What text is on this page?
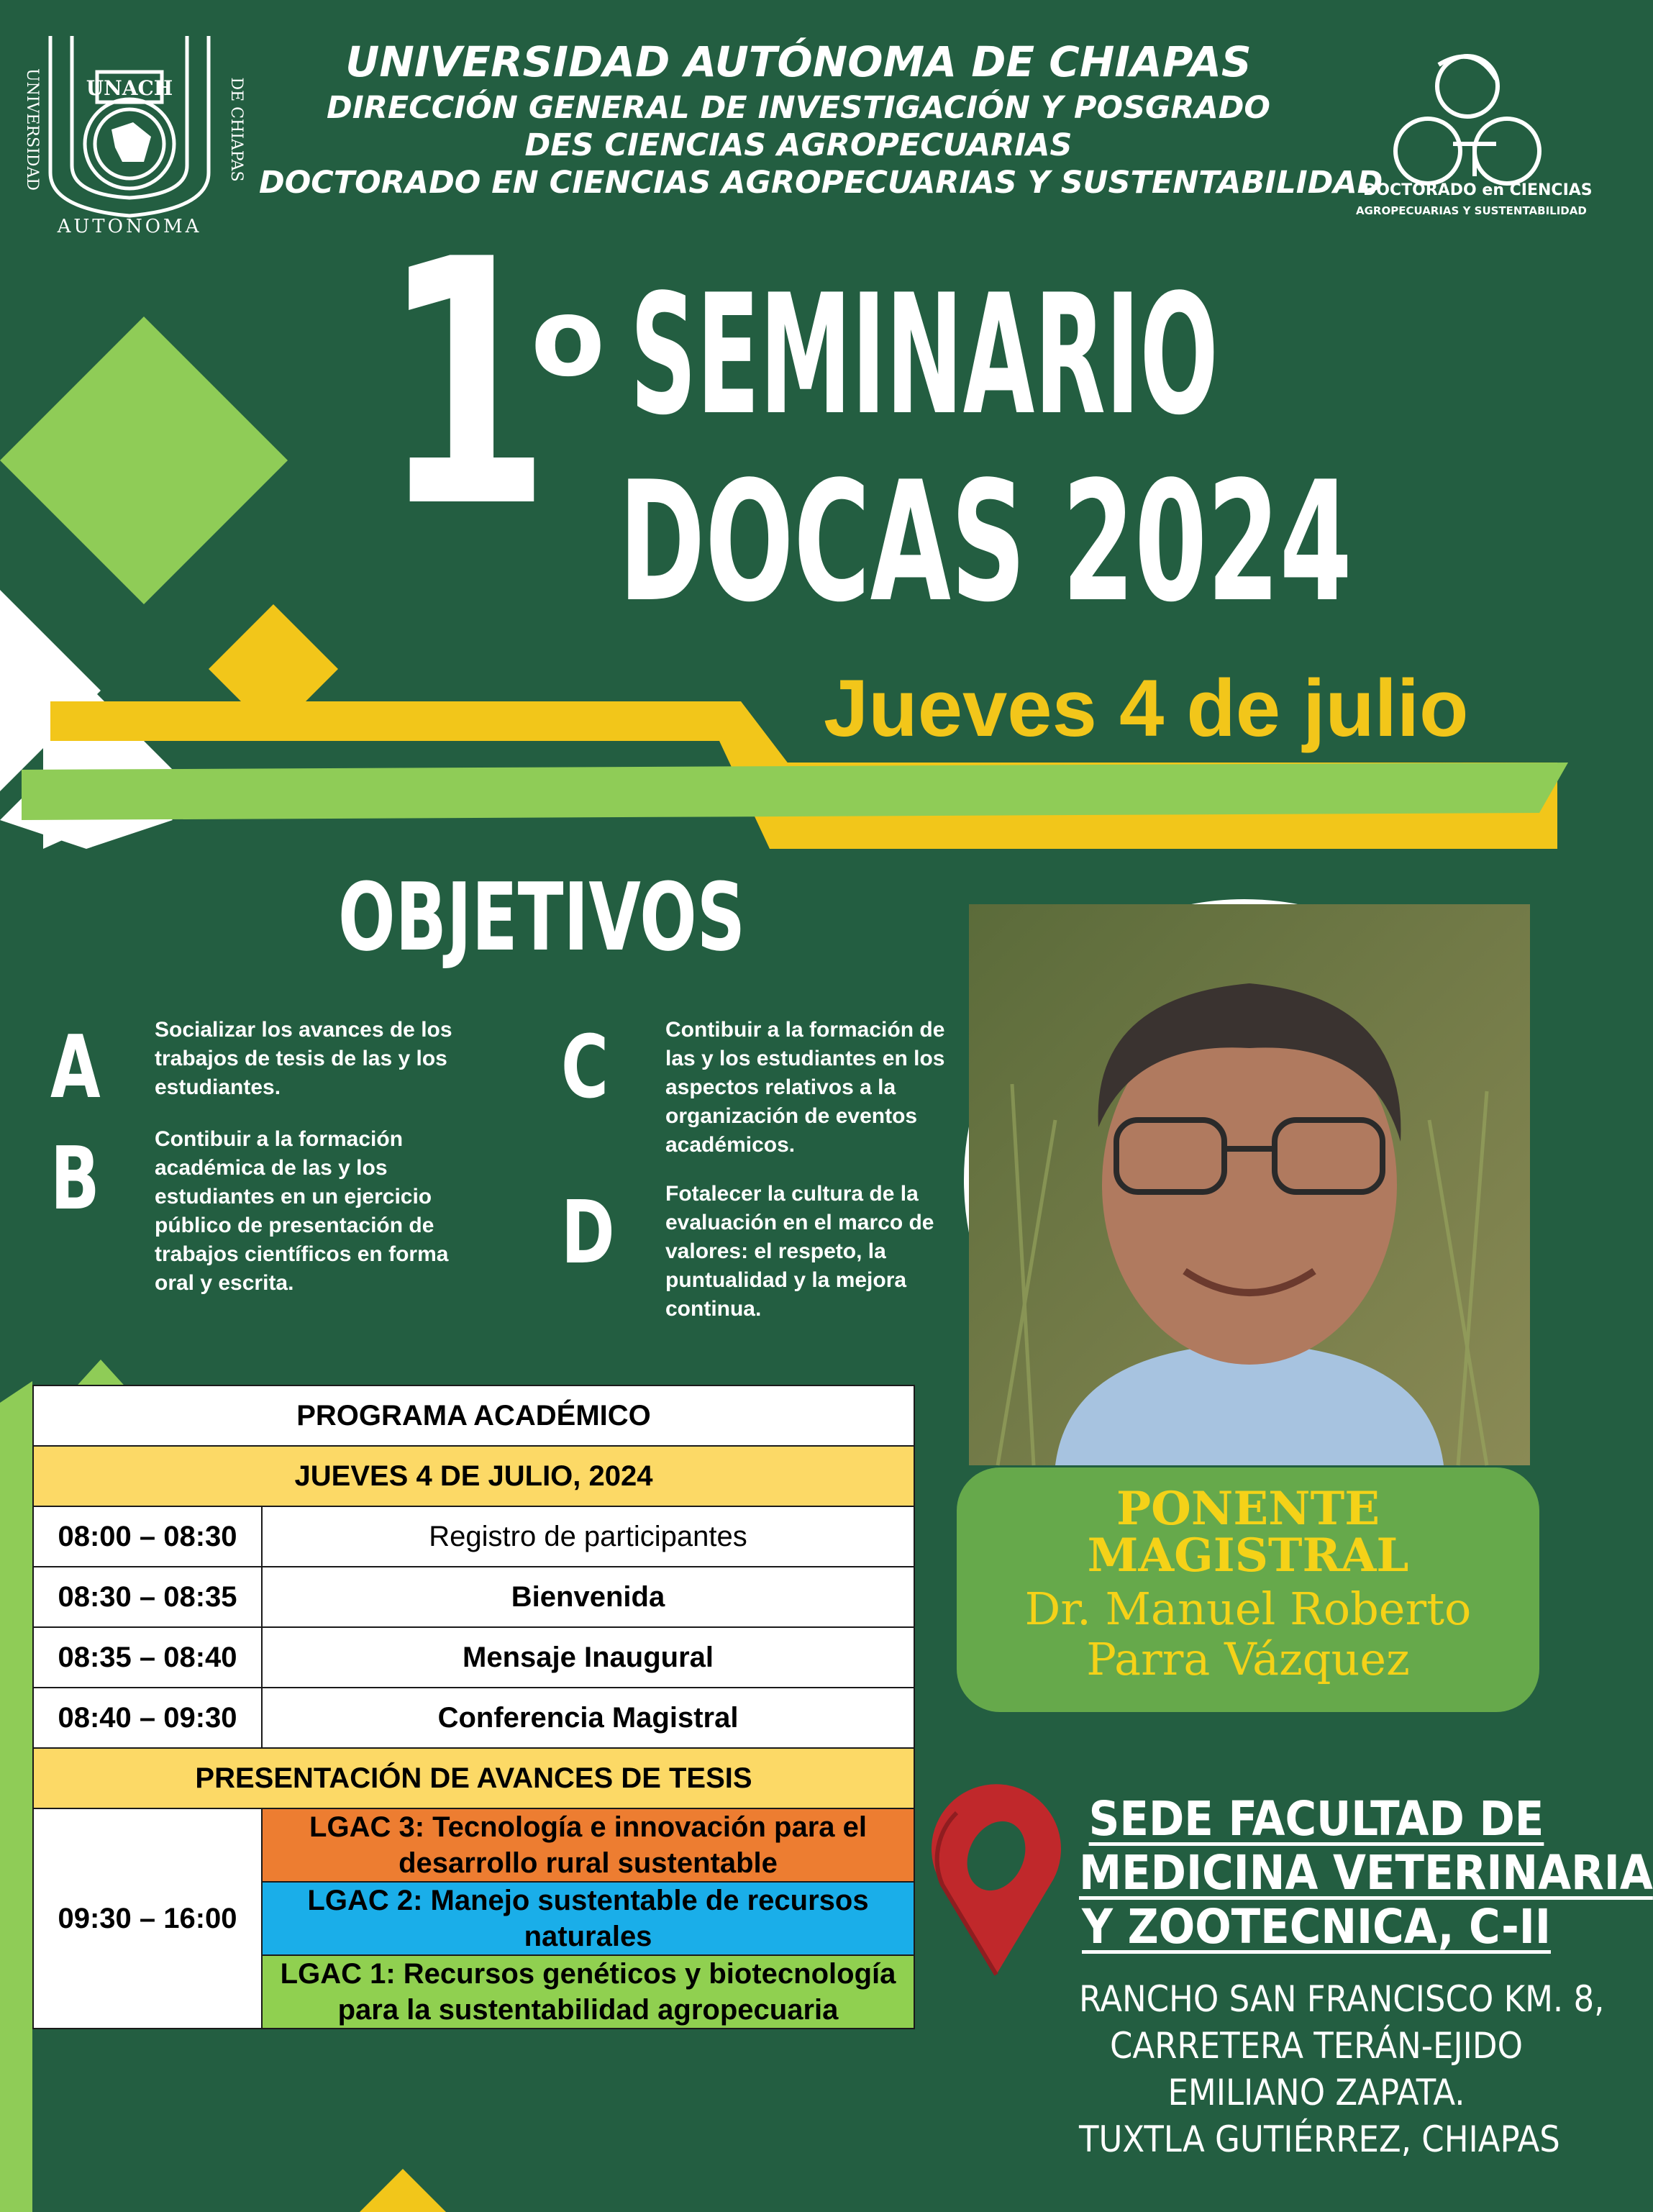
UNACH
AUTONOMA
UNIVERSIDAD	DE CHIAPAS
UNIVERSIDAD AUTÓNOMA DE CHIAPAS
DIRECCIÓN GENERAL DE INVESTIGACIÓN Y POSGRADO
DES CIENCIAS AGROPECUARIAS
DOCTORADO EN CIENCIAS AGROPECUARIAS Y SUSTENTABILIDAD
DOCTORADO en CIENCIAS
AGROPECUARIAS Y SUSTENTABILIDAD
1
o SEMINARIO
DOCAS 2024
Jueves 4 de julio
OBJETIVOS
A	Socializar los avances de los trabajos de tesis de las y los estudiantes.
B	Contibuir a la formación académica de las y los estudiantes en un ejercicio público de presentación de trabajos científicos en forma oral y escrita.
C	Contibuir a la formación de las y los estudiantes en los aspectos relativos a la organización de eventos académicos.
D Fotalecer la cultura de la evaluación en el marco de valores: el respeto, la puntualidad y la mejora continua.
PONENTE
MAGISTRAL
Dr. Manuel Roberto
Parra Vázquez
PROGRAMA ACADÉMICO	
JUEVES 4 DE JULIO, 2024	
08:00 – 08:30	Registro de participantes
08:30 – 08:35	Bienvenida
08:35 – 08:40	Mensaje Inaugural
08:40 – 09:30	Conferencia Magistral
PRESENTACIÓN DE AVANCES DE TESIS	
09:30 – 16:00	LGAC 3: Tecnología e innovación para el desarrollo rural sustentable
	LGAC 2: Manejo sustentable de recursos naturales
	LGAC 1: Recursos genéticos y biotecnología para la sustentabilidad agropecuaria
SEDE FACULTAD DE
MEDICINA VETERINARIA
Y ZOOTECNICA, C-II
RANCHO SAN FRANCISCO KM. 8,
CARRETERA TERÁN-EJIDO
EMILIANO ZAPATA.
TUXTLA GUTIÉRREZ, CHIAPAS
